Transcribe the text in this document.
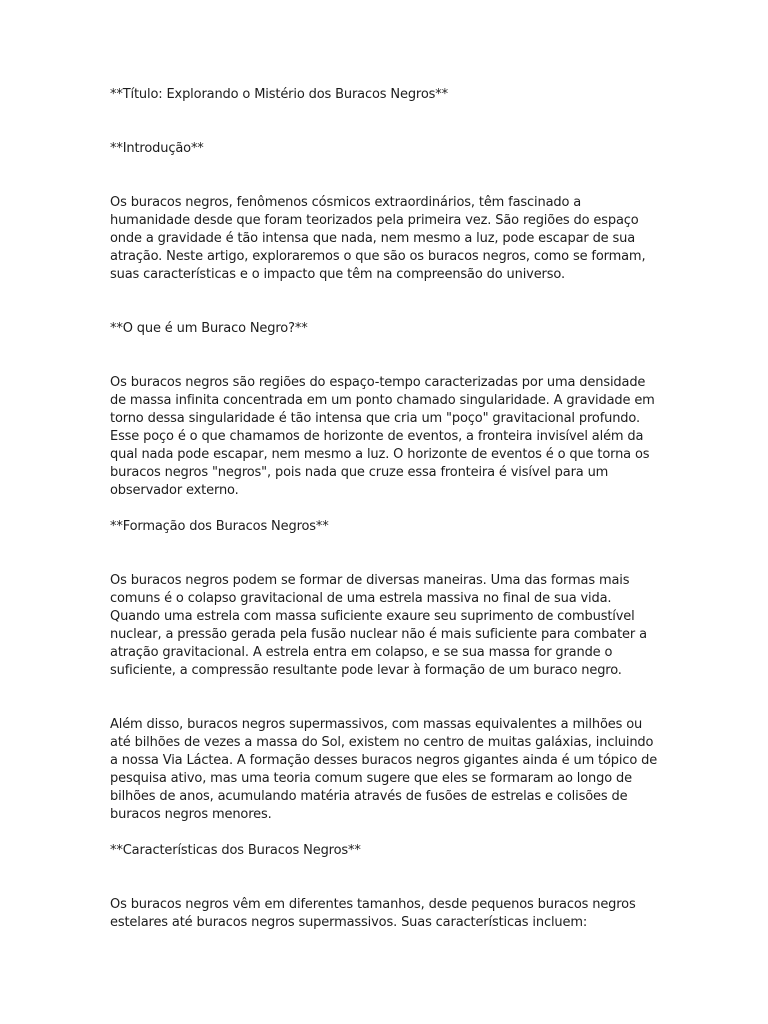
**Título: Explorando o Mistério dos Buracos Negros**

**Introdução**

Os buracos negros, fenômenos cósmicos extraordinários, têm fascinado a humanidade desde que foram teorizados pela primeira vez. São regiões do espaço onde a gravidade é tão intensa que nada, nem mesmo a luz, pode escapar de sua atração. Neste artigo, exploraremos o que são os buracos negros, como se formam, suas características e o impacto que têm na compreensão do universo.

**O que é um Buraco Negro?**

Os buracos negros são regiões do espaço-tempo caracterizadas por uma densidade de massa infinita concentrada em um ponto chamado singularidade. A gravidade em torno dessa singularidade é tão intensa que cria um "poço" gravitacional profundo. Esse poço é o que chamamos de horizonte de eventos, a fronteira invisível além da qual nada pode escapar, nem mesmo a luz. O horizonte de eventos é o que torna os buracos negros "negros", pois nada que cruze essa fronteira é visível para um observador externo.

**Formação dos Buracos Negros**

Os buracos negros podem se formar de diversas maneiras. Uma das formas mais comuns é o colapso gravitacional de uma estrela massiva no final de sua vida. Quando uma estrela com massa suficiente exaure seu suprimento de combustível nuclear, a pressão gerada pela fusão nuclear não é mais suficiente para combater a atração gravitacional. A estrela entra em colapso, e se sua massa for grande o suficiente, a compressão resultante pode levar à formação de um buraco negro.

Além disso, buracos negros supermassivos, com massas equivalentes a milhões ou até bilhões de vezes a massa do Sol, existem no centro de muitas galáxias, incluindo a nossa Via Láctea. A formação desses buracos negros gigantes ainda é um tópico de pesquisa ativo, mas uma teoria comum sugere que eles se formaram ao longo de bilhões de anos, acumulando matéria através de fusões de estrelas e colisões de buracos negros menores.

**Características dos Buracos Negros**

Os buracos negros vêm em diferentes tamanhos, desde pequenos buracos negros estelares até buracos negros supermassivos. Suas características incluem:
